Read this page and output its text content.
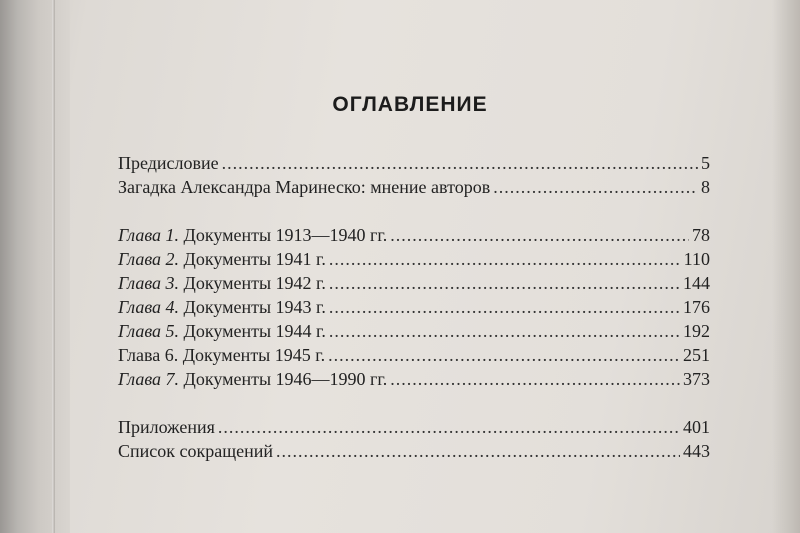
ОГЛАВЛЕНИЕ
Предисловие .....	5
Загадка Александра Маринеско: мнение авторов .....	8
Глава 1. Документы 1913—1940 гг. .....	78
Глава 2. Документы 1941 г. .....	110
Глава 3. Документы 1942 г. .....	144
Глава 4. Документы 1943 г. .....	176
Глава 5. Документы 1944 г. .....	192
Глава 6. Документы 1945 г. .....	251
Глава 7. Документы 1946—1990 гг. .....	373
Приложения .....	401
Список сокращений .....	443
